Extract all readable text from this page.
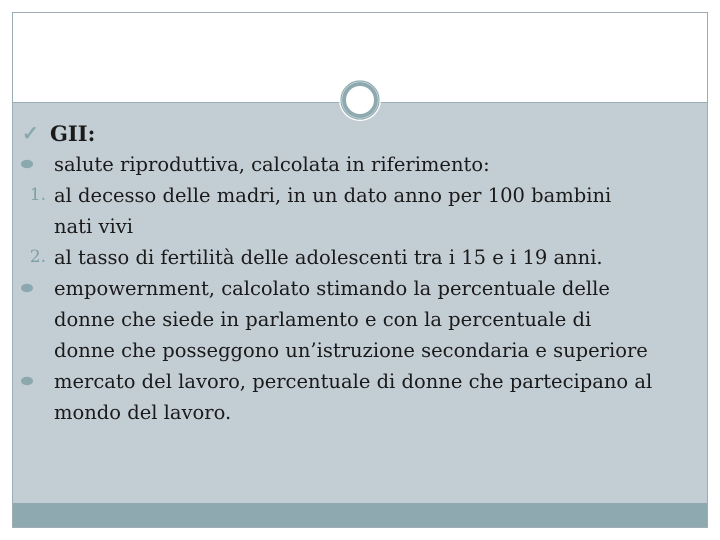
✓ GII:
salute riproduttiva, calcolata in riferimento:
1. al decesso delle madri, in un dato anno per 100 bambini
nati vivi
2. al tasso di fertilità delle adolescenti tra i 15 e i 19 anni.
empowernment, calcolato stimando la percentuale delle
donne che siede in parlamento e con la percentuale di
donne che posseggono un’istruzione secondaria e superiore
mercato del lavoro, percentuale di donne che partecipano al
mondo del lavoro.
